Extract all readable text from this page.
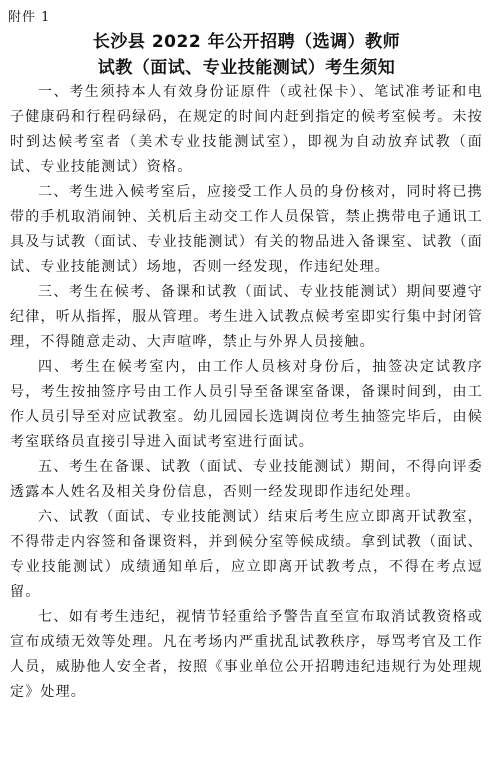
附件 1
长沙县 2022 年公开招聘（选调）教师
试教（面试、专业技能测试）考生须知

一、考生须持本人有效身份证原件（或社保卡）、笔试准考证和电子健康码和行程码绿码，在规定的时间内赶到指定的候考室候考。未按时到达候考室者（美术专业技能测试室），即视为自动放弃试教（面试、专业技能测试）资格。

二、考生进入候考室后，应接受工作人员的身份核对，同时将已携带的手机取消闹钟、关机后主动交工作人员保管，禁止携带电子通讯工具及与试教（面试、专业技能测试）有关的物品进入备课室、试教（面试、专业技能测试）场地，否则一经发现，作违纪处理。

三、考生在候考、备课和试教（面试、专业技能测试）期间要遵守纪律，听从指挥，服从管理。考生进入试教点候考室即实行集中封闭管理，不得随意走动、大声喧哗，禁止与外界人员接触。

四、考生在候考室内，由工作人员核对身份后，抽签决定试教序号，考生按抽签序号由工作人员引导至备课室备课，备课时间到，由工作人员引导至对应试教室。幼儿园园长选调岗位考生抽签完毕后，由候考室联络员直接引导进入面试考室进行面试。

五、考生在备课、试教（面试、专业技能测试）期间，不得向评委透露本人姓名及相关身份信息，否则一经发现即作违纪处理。

六、试教（面试、专业技能测试）结束后考生应立即离开试教室，不得带走内容签和备课资料，并到候分室等候成绩。拿到试教（面试、专业技能测试）成绩通知单后，应立即离开试教考点，不得在考点逗留。

七、如有考生违纪，视情节轻重给予警告直至宣布取消试教资格或宣布成绩无效等处理。凡在考场内严重扰乱试教秩序，辱骂考官及工作人员，威胁他人安全者，按照《事业单位公开招聘违纪违规行为处理规定》处理。
